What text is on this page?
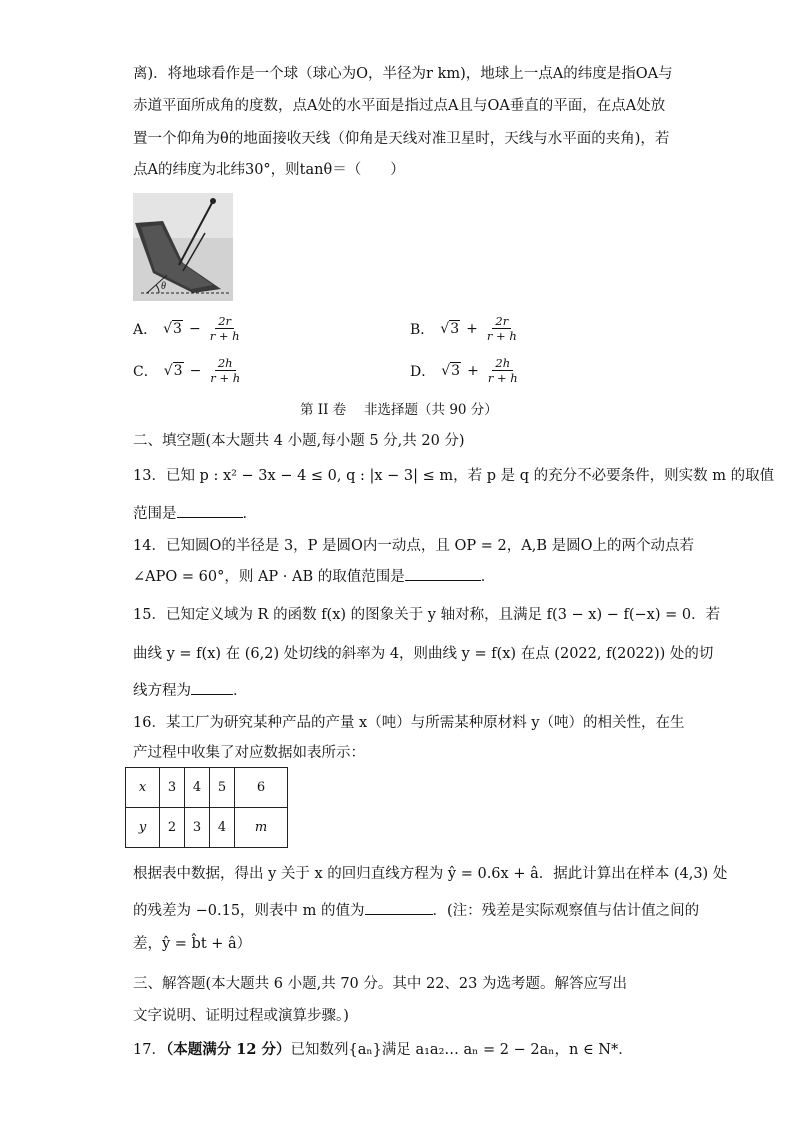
离)．将地球看作是一个球（球心为O，半径为r km)，地球上一点A的纬度是指OA与
赤道平面所成角的度数，点A处的水平面是指过点A且与OA垂直的平面，在点A处放
置一个仰角为θ的地面接收天线（仰角是天线对准卫星时，天线与水平面的夹角)，若
点A的纬度为北纬30°，则tanθ＝（　　）
θ
A． $√3 - \frac{2r}{r + h}$	B． $√3 + \frac{2r}{r + h}$
C． $√3 - \frac{2h}{r + h}$	D． $√3 + \frac{2h}{r + h}$
第 II 卷　 非选择题（共 90 分）
二、填空题(本大题共 4 小题,每小题 5 分,共 20 分)
13．已知 p : x² − 3x − 4 ≤ 0, q : |x − 3| ≤ m，若 p 是 q 的充分不必要条件，则实数 m 的取值
范围是	．
14．已知圆O的半径是 3，P 是圆O内一动点，且 OP = 2，A,B 是圆O上的两个动点若
∠APO = 60°，则 AP · AB 的取值范围是	．
15．已知定义域为 R 的函数 f(x) 的图象关于 y 轴对称，且满足 f(3 − x) − f(−x) = 0．若
曲线 y = f(x) 在 (6,2) 处切线的斜率为 4，则曲线 y = f(x) 在点 (2022, f(2022)) 处的切
线方程为	．
16．某工厂为研究某种产品的产量 x（吨）与所需某种原材料 y（吨）的相关性，在生
产过程中收集了对应数据如表所示：
x	3	4	5	6
y	2	3	4	m
根据表中数据，得出 y 关于 x 的回归直线方程为 ŷ = 0.6x + â．据此计算出在样本 (4,3) 处
的残差为 −0.15，则表中 m 的值为	．(注：残差是实际观察值与估计值之间的
差，ŷ = b̂t + â）
三、解答题(本大题共 6 小题,共 70 分。其中 22、23 为选考题。解答应写出
文字说明、证明过程或演算步骤。)
17．（本题满分 12 分）已知数列{aₙ}满足 a₁a₂… aₙ = 2 − 2aₙ，n ∈ N*．
